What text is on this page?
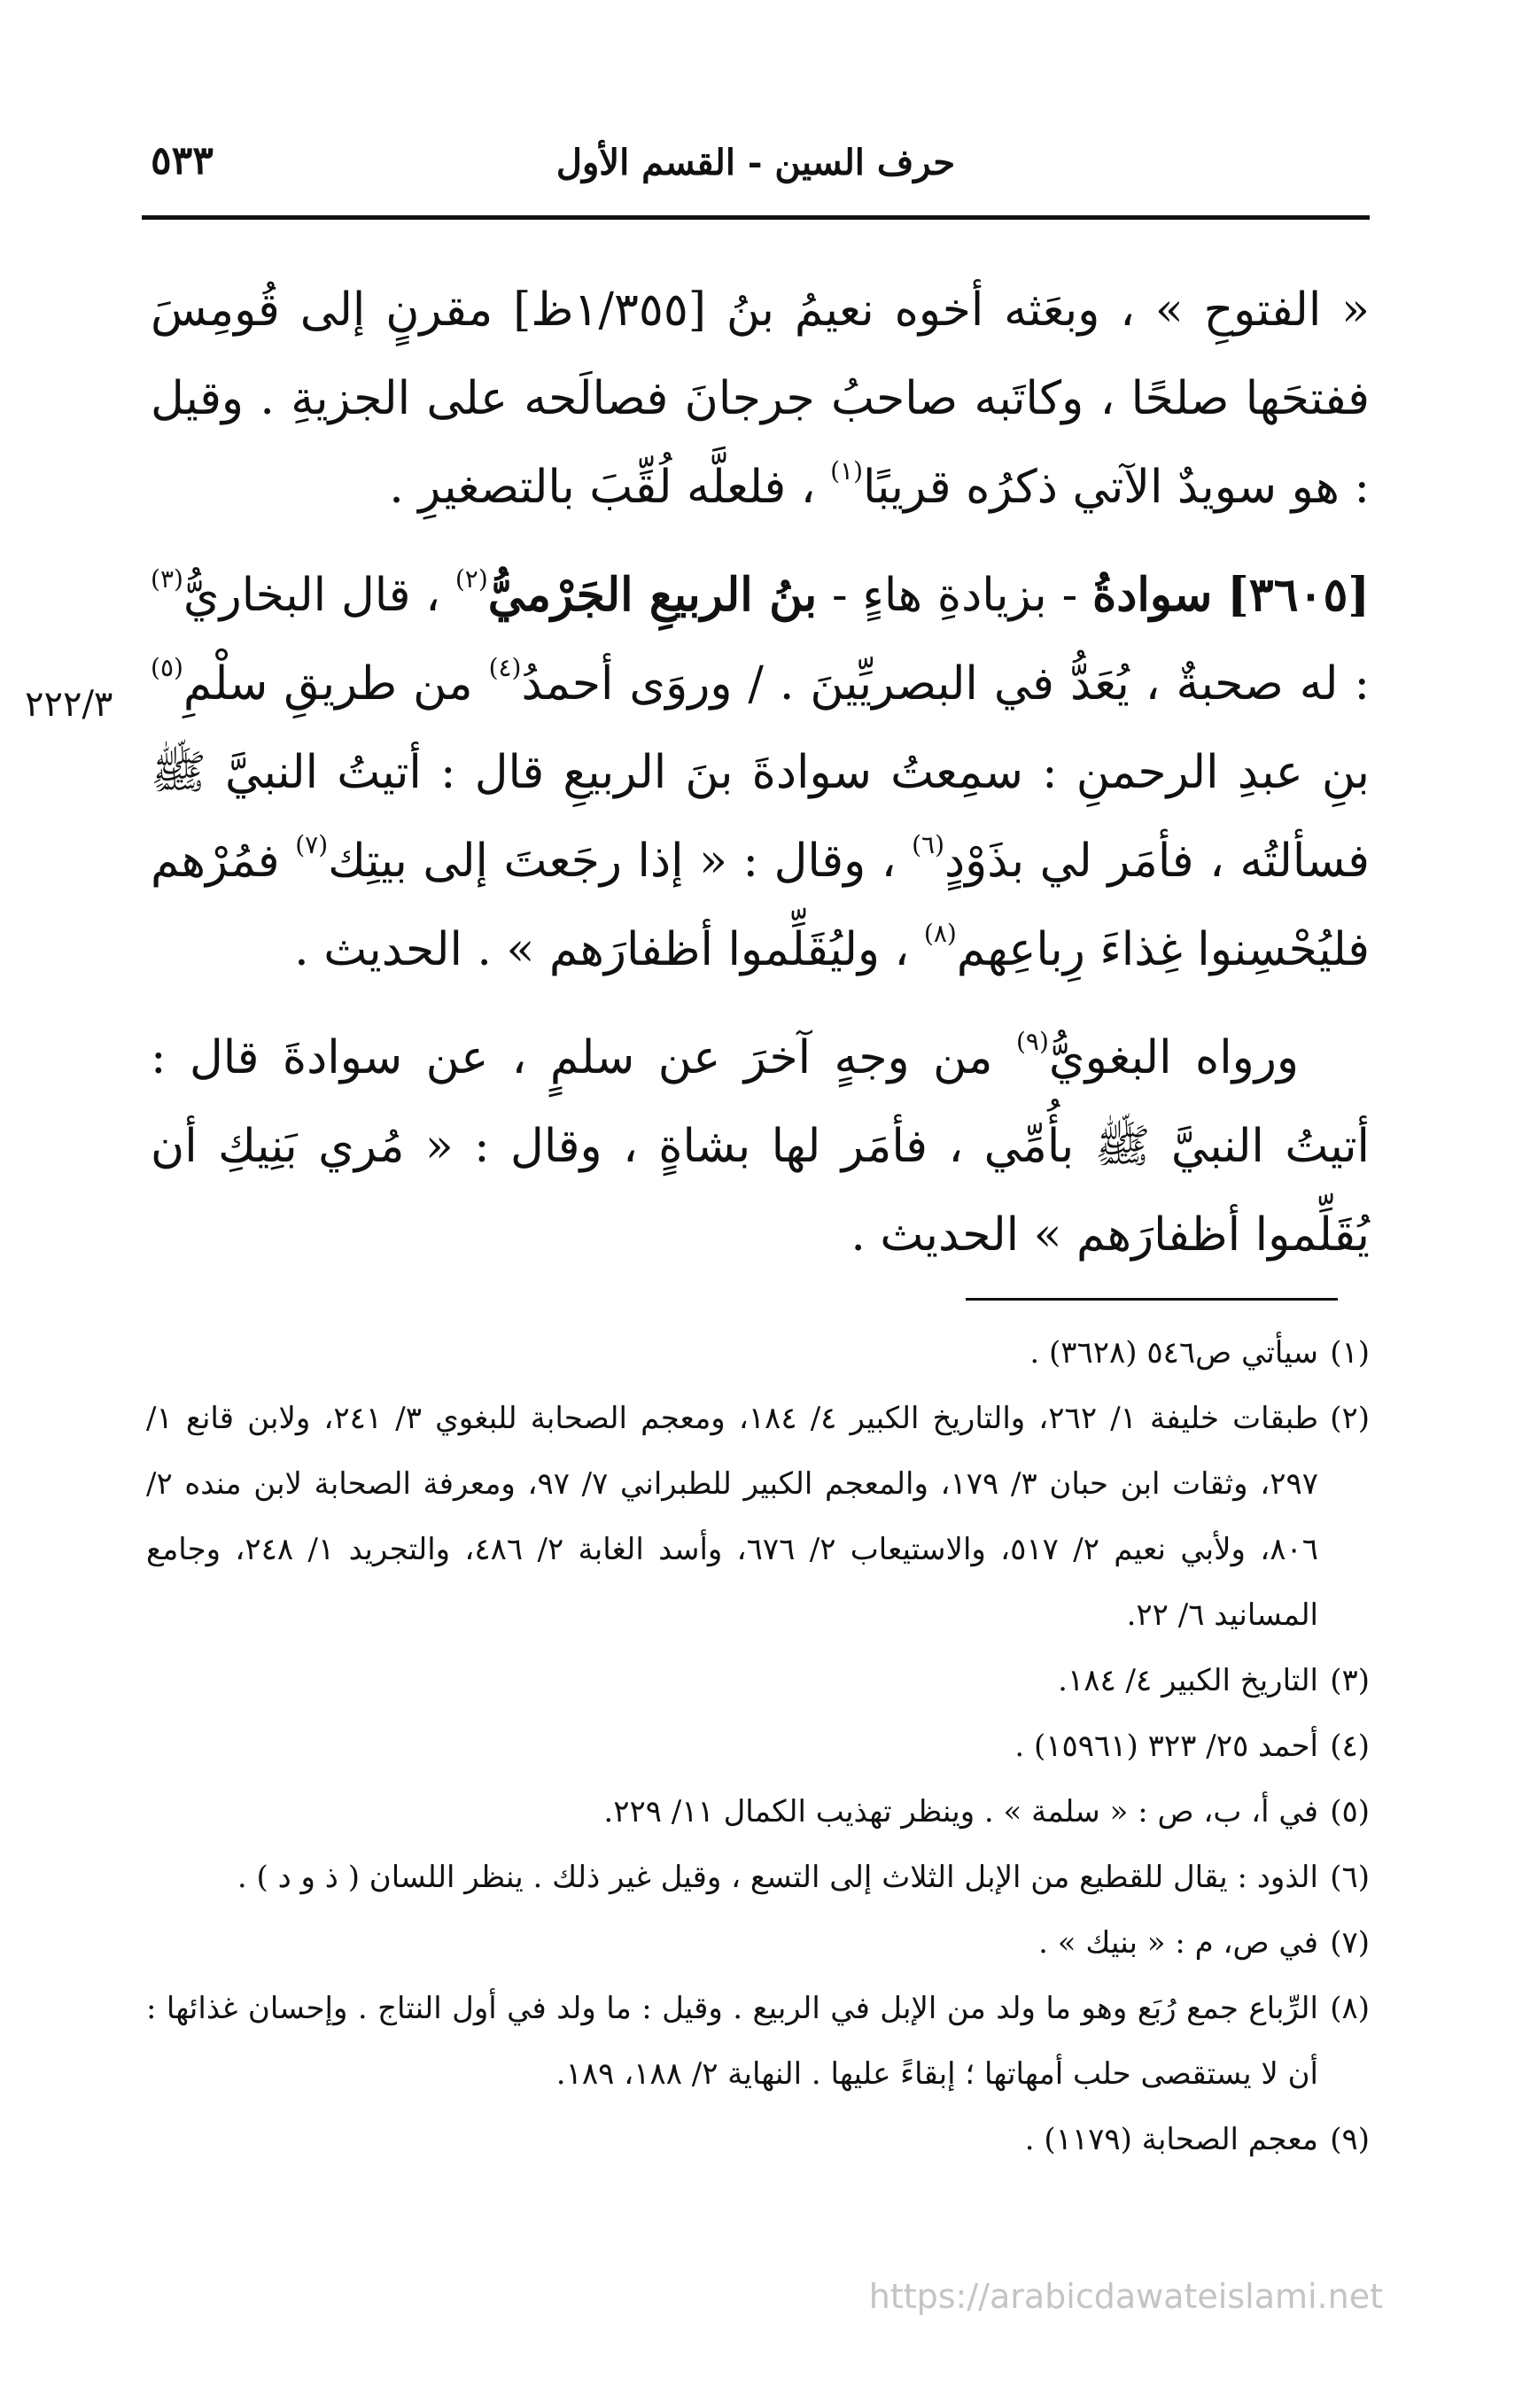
حرف السين - القسم الأول
٥٣٣

« الفتوحِ » ، وبعَثه أخوه نعيمُ بنُ [١/٣٥٥ظ] مقرنٍ إلى قُومِسَ ففتحَها صلحًا ، وكاتَبه صاحبُ جرجانَ فصالَحه على الجزيةِ . وقيل : هو سويدٌ الآتي ذكرُه قريبًا$^{(١)}$ ، فلعلَّه لُقِّبَ بالتصغيرِ .

[٣٦٠٥] سوادةُ - بزيادةِ هاءٍ - بنُ الربيعِ الجَرْميُّ$^{(٢)}$ ، قال البخاريُّ$^{(٣)}$ : له صحبةٌ ، يُعَدُّ في البصريِّينَ . / وروَى أحمدُ$^{(٤)}$ من طريقِ سلْمِ$^{(٥)}$ بنِ عبدِ الرحمنِ : سمِعتُ سوادةَ بنَ الربيعِ قال : أتيتُ النبيَّ ﷺ فسألتُه ، فأمَر لي بذَوْدٍ$^{(٦)}$ ، وقال : « إذا رجَعتَ إلى بيتِك$^{(٧)}$ فمُرْهم فليُحْسِنوا غِذاءَ رِباعِهم$^{(٨)}$ ، وليُقَلِّموا أظفارَهم » . الحديث .

ورواه البغويُّ$^{(٩)}$ من وجهٍ آخرَ عن سلمٍ ، عن سوادةَ قال : أتيتُ النبيَّ ﷺ بأُمِّي ، فأمَر لها بشاةٍ ، وقال : « مُري بَنِيكِ أن يُقَلِّموا أظفارَهم » الحديث .

٢٢٢/٣

(١)سيأتي ص٥٤٦ (٣٦٢٨) .

(٢)طبقات خليفة ١/ ٢٦٢، والتاريخ الكبير ٤/ ١٨٤، ومعجم الصحابة للبغوي ٣/ ٢٤١، ولابن قانع ١/ ٢٩٧، وثقات ابن حبان ٣/ ١٧٩، والمعجم الكبير للطبراني ٧/ ٩٧، ومعرفة الصحابة لابن منده ٢/ ٨٠٦، ولأبي نعيم ٢/ ٥١٧، والاستيعاب ٢/ ٦٧٦، وأسد الغابة ٢/ ٤٨٦، والتجريد ١/ ٢٤٨، وجامع المسانيد ٦/ ٢٢.

(٣)التاريخ الكبير ٤/ ١٨٤.

(٤)أحمد ٢٥/ ٣٢٣ (١٥٩٦١) .

(٥)في أ، ب، ص : « سلمة » . وينظر تهذيب الكمال ١١/ ٢٢٩.

(٦)الذود : يقال للقطيع من الإبل الثلاث إلى التسع ، وقيل غير ذلك . ينظر اللسان ( ذ و د ) .

(٧)في ص، م : « بنيك » .

(٨)الرِّباع جمع رُبَع وهو ما ولد من الإبل في الربيع . وقيل : ما ولد في أول النتاج . وإحسان غذائها : أن لا يستقصى حلب أمهاتها ؛ إبقاءً عليها . النهاية ٢/ ١٨٨، ١٨٩.

(٩)معجم الصحابة (١١٧٩) .

https://arabicdawateislami.net
